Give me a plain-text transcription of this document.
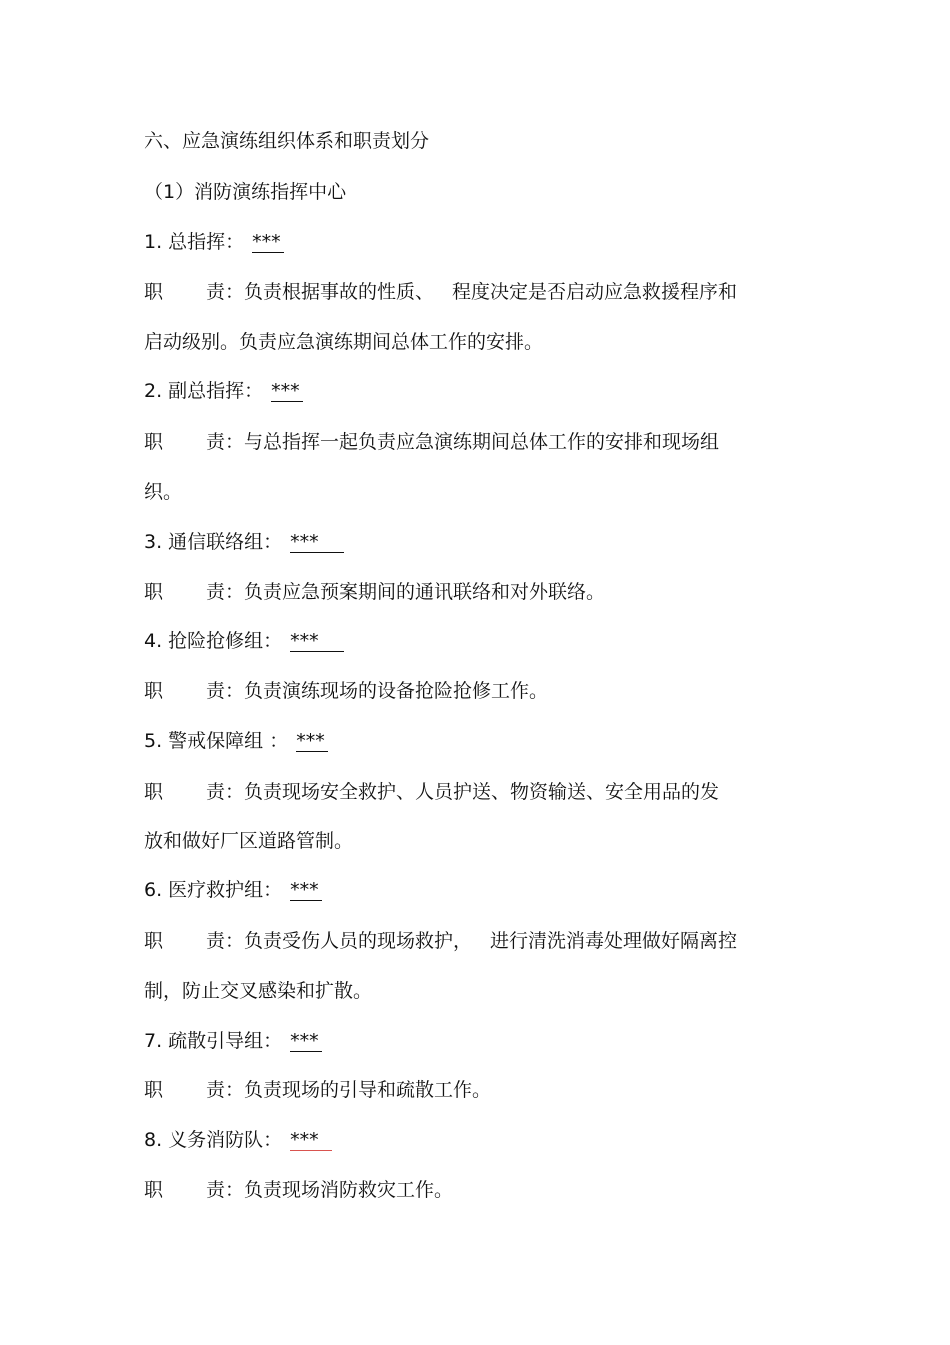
六、应急演练组织体系和职责划分
（1）消防演练指挥中心
1. 总指挥： ***
职 责：负责根据事故的性质、 程度决定是否启动应急救援程序和
启动级别。负责应急演练期间总体工作的安排。
2. 副总指挥： ***
职 责：与总指挥一起负责应急演练期间总体工作的安排和现场组
织。
3. 通信联络组： ***
职 责：负责应急预案期间的通讯联络和对外联络。
4. 抢险抢修组： ***
职 责：负责演练现场的设备抢险抢修工作。
5. 警戒保障组 ： ***
职 责：负责现场安全救护、人员护送、物资输送、安全用品的发
放和做好厂区道路管制。
6. 医疗救护组： ***
职 责：负责受伤人员的现场救护， 进行清洗消毒处理做好隔离控
制，防止交叉感染和扩散。
7. 疏散引导组： ***
职 责：负责现场的引导和疏散工作。
8. 义务消防队： ***
职 责：负责现场消防救灾工作。
